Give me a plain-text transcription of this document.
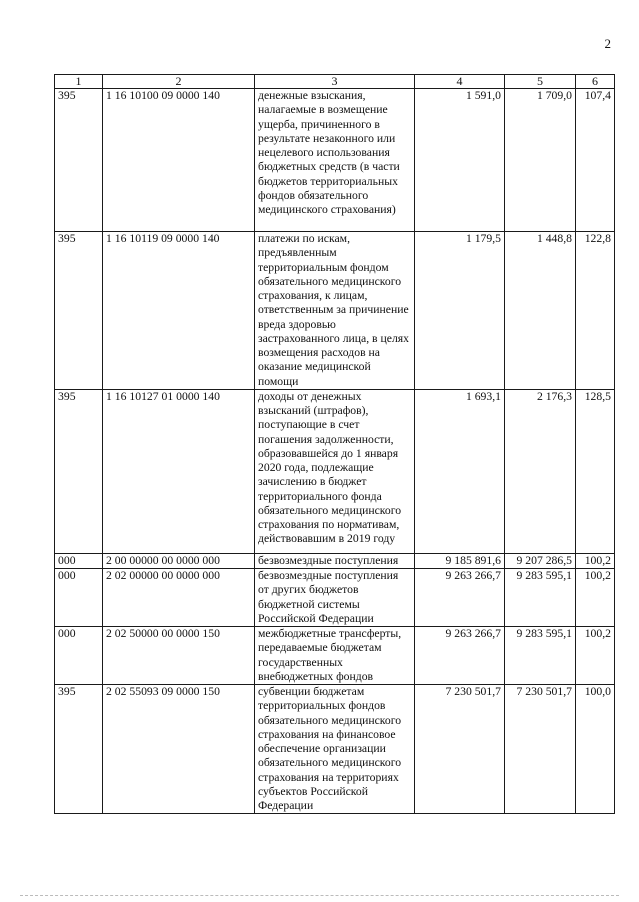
2
1	2	3	4	5	6
395	1 16 10100 09 0000 140	денежные взыскания, налагаемые в возмещение ущерба, причиненного в результате незаконного или нецелевого использования бюджетных средств (в части бюджетов территориальных фондов обязательного медицинского страхования)	1 591,0	1 709,0	107,4
395	1 16 10119 09 0000 140	платежи по искам, предъявленным территориальным фондом обязательного медицинского страхования, к лицам, ответственным за причинение вреда здоровью застрахованного лица, в целях возмещения расходов на оказание медицинской помощи	1 179,5	1 448,8	122,8
395	1 16 10127 01 0000 140	доходы от денежных взысканий (штрафов), поступающие в счет погашения задолженности, образовавшейся до 1 января 2020 года, подлежащие зачислению в бюджет территориального фонда обязательного медицинского страхования по нормативам, действовавшим в 2019 году	1 693,1	2 176,3	128,5
000	2 00 00000 00 0000 000	безвозмездные поступления	9 185 891,6	9 207 286,5	100,2
000	2 02 00000 00 0000 000	безвозмездные поступления от других бюджетов бюджетной системы Российской Федерации	9 263 266,7	9 283 595,1	100,2
000	2 02 50000 00 0000 150	межбюджетные трансферты, передаваемые бюджетам государственных внебюджетных фондов	9 263 266,7	9 283 595,1	100,2
395	2 02 55093 09 0000 150	субвенции бюджетам территориальных фондов обязательного медицинского страхования на финансовое обеспечение организации обязательного медицинского страхования на территориях субъектов Российской Федерации	7 230 501,7	7 230 501,7	100,0
